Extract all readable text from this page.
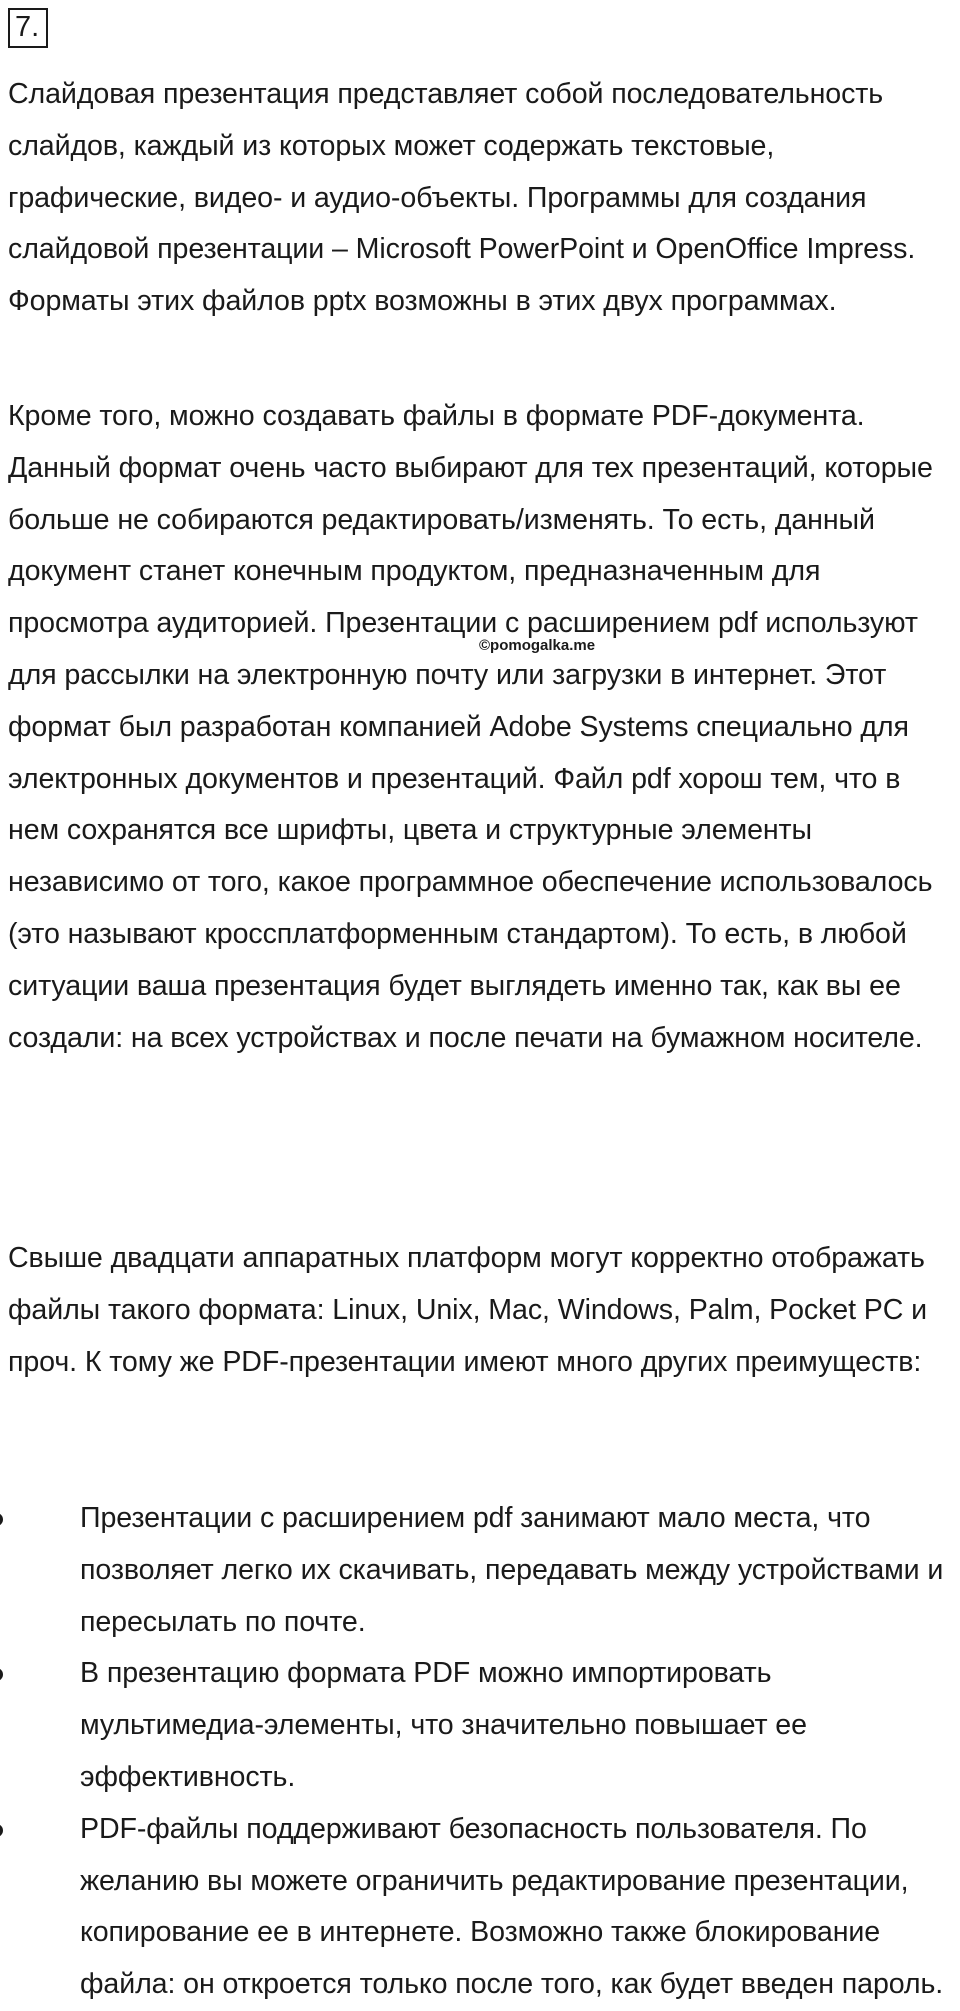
7.

Слайдовая презентация представляет собой последовательность слайдов, каждый из которых может содержать текстовые, графические, видео- и аудио-объекты. Программы для создания слайдовой презентации – Microsoft PowerPoint и OpenOffice Impress. Форматы этих файлов pptx возможны в этих двух программах.

Кроме того, можно создавать файлы в формате PDF-документа. Данный формат очень часто выбирают для тех презентаций, которые больше не собираются редактировать/изменять. То есть, данный документ станет конечным продуктом, предназначенным для просмотра аудиторией. Презентации с расширением pdf используют для рассылки на электронную почту или загрузки в интернет. Этот формат был разработан компанией Adobe Systems специально для электронных документов и презентаций. Файл pdf хорош тем, что в нем сохранятся все шрифты, цвета и структурные элементы независимо от того, какое программное обеспечение использовалось (это называют кроссплатформенным стандартом). То есть, в любой ситуации ваша презентация будет выглядеть именно так, как вы ее создали: на всех устройствах и после печати на бумажном носителе.

Свыше двадцати аппаратных платформ могут корректно отображать файлы такого формата: Linux, Unix, Mac, Windows, Palm, Pocket PC и проч. К тому же PDF-презентации имеют много других преимуществ:

Презентации с расширением pdf занимают мало места, что позволяет легко их скачивать, передавать между устройствами и пересылать по почте.
В презентацию формата PDF можно импортировать мультимедиа-элементы, что значительно повышает ее эффективность.
PDF-файлы поддерживают безопасность пользователя. По желанию вы можете ограничить редактирование презентации, копирование ее в интернете. Возможно также блокирование файла: он откроется только после того, как будет введен пароль.
©pomogalka.me
